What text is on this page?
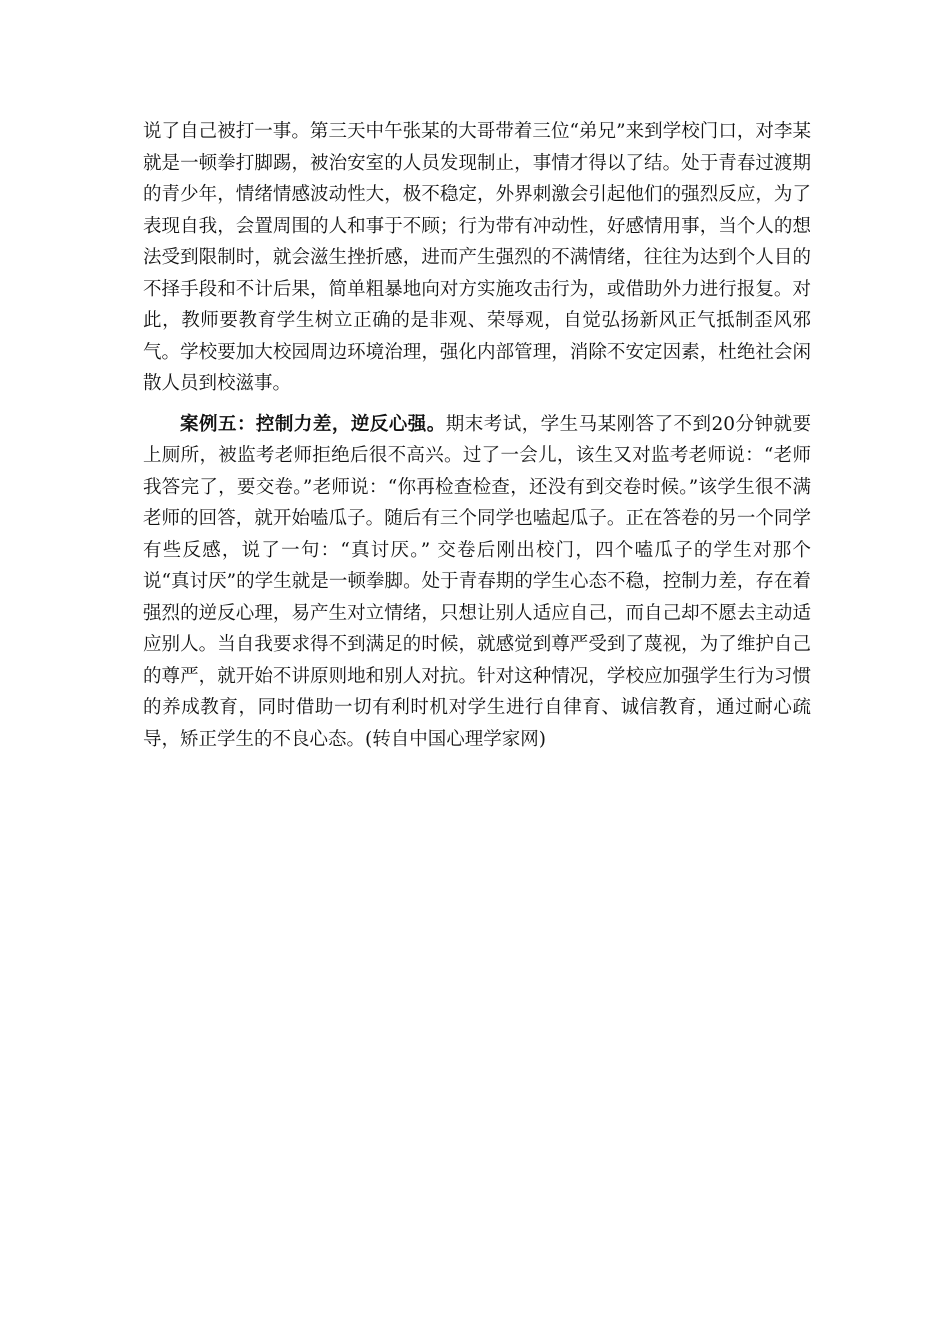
说了自己被打一事。第三天中午张某的大哥带着三位“弟兄”来到学校门口，对李某就是一顿拳打脚踢，被治安室的人员发现制止，事情才得以了结。处于青春过渡期的青少年，情绪情感波动性大，极不稳定，外界刺激会引起他们的强烈反应，为了表现自我，会置周围的人和事于不顾；行为带有冲动性，好感情用事，当个人的想法受到限制时，就会滋生挫折感，进而产生强烈的不满情绪，往往为达到个人目的不择手段和不计后果，简单粗暴地向对方实施攻击行为，或借助外力进行报复。对此，教师要教育学生树立正确的是非观、荣辱观，自觉弘扬新风正气抵制歪风邪气。学校要加大校园周边环境治理，强化内部管理，消除不安定因素，杜绝社会闲散人员到校滋事。

案例五：控制力差，逆反心强。期末考试，学生马某刚答了不到20分钟就要上厕所，被监考老师拒绝后很不高兴。过了一会儿，该生又对监考老师说：“老师我答完了，要交卷。”老师说：“你再检查检查，还没有到交卷时候。”该学生很不满老师的回答，就开始嗑瓜子。随后有三个同学也嗑起瓜子。正在答卷的另一个同学有些反感，说了一句：“真讨厌。” 交卷后刚出校门，四个嗑瓜子的学生对那个说“真讨厌”的学生就是一顿拳脚。处于青春期的学生心态不稳，控制力差，存在着强烈的逆反心理，易产生对立情绪，只想让别人适应自己，而自己却不愿去主动适应别人。当自我要求得不到满足的时候，就感觉到尊严受到了蔑视，为了维护自己的尊严，就开始不讲原则地和别人对抗。针对这种情况，学校应加强学生行为习惯的养成教育，同时借助一切有利时机对学生进行自律育、诚信教育，通过耐心疏导，矫正学生的不良心态。(转自中国心理学家网)
